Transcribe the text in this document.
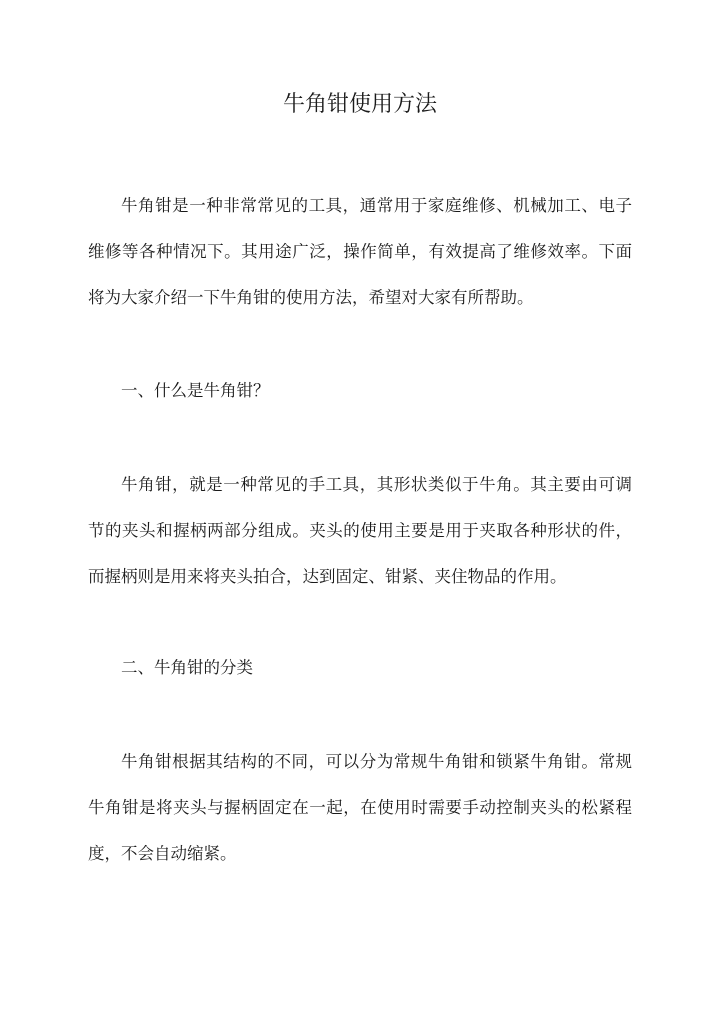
牛角钳使用方法

牛角钳是一种非常常见的工具，通常用于家庭维修、机械加工、电子维修等各种情况下。其用途广泛，操作简单，有效提高了维修效率。下面将为大家介绍一下牛角钳的使用方法，希望对大家有所帮助。

一、什么是牛角钳？

牛角钳，就是一种常见的手工具，其形状类似于牛角。其主要由可调节的夹头和握柄两部分组成。夹头的使用主要是用于夹取各种形状的件，而握柄则是用来将夹头拍合，达到固定、钳紧、夹住物品的作用。

二、牛角钳的分类

牛角钳根据其结构的不同，可以分为常规牛角钳和锁紧牛角钳。常规牛角钳是将夹头与握柄固定在一起，在使用时需要手动控制夹头的松紧程度，不会自动缩紧。
